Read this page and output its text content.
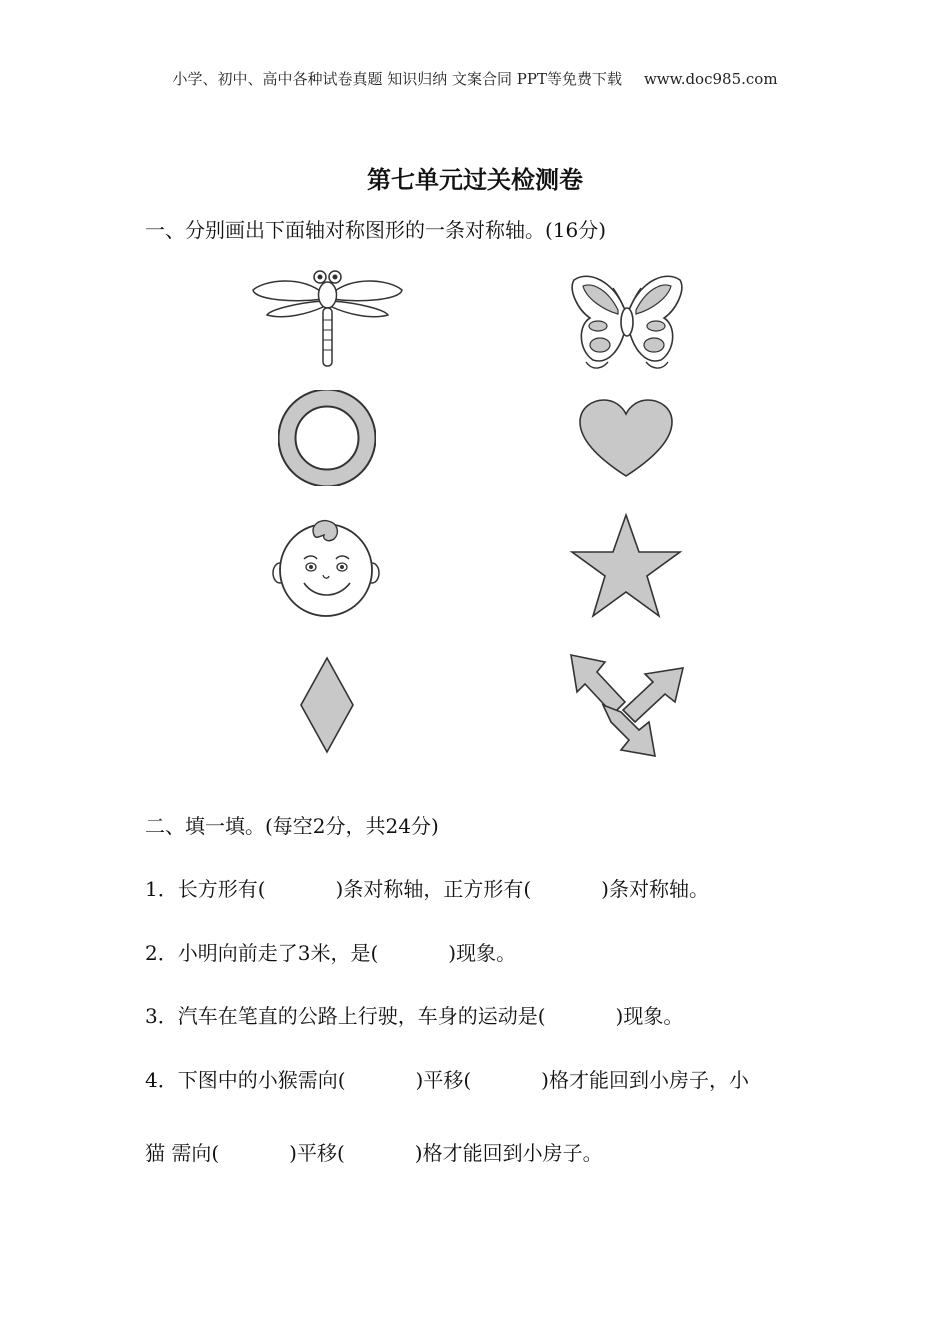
小学、初中、高中各种试卷真题 知识归纳 文案合同 PPT等免费下载 www.doc985.com
第七单元过关检测卷
一、分别画出下面轴对称图形的一条对称轴。(16分)
二、填一填。(每空2分，共24分)
1．长方形有(	)条对称轴，正方形有(	)条对称轴。
2．小明向前走了3米，是(	)现象。
3．汽车在笔直的公路上行驶，车身的运动是(	)现象。
4．下图中的小猴需向(	)平移(	)格才能回到小房子，小
猫 需向(	)平移(	)格才能回到小房子。
